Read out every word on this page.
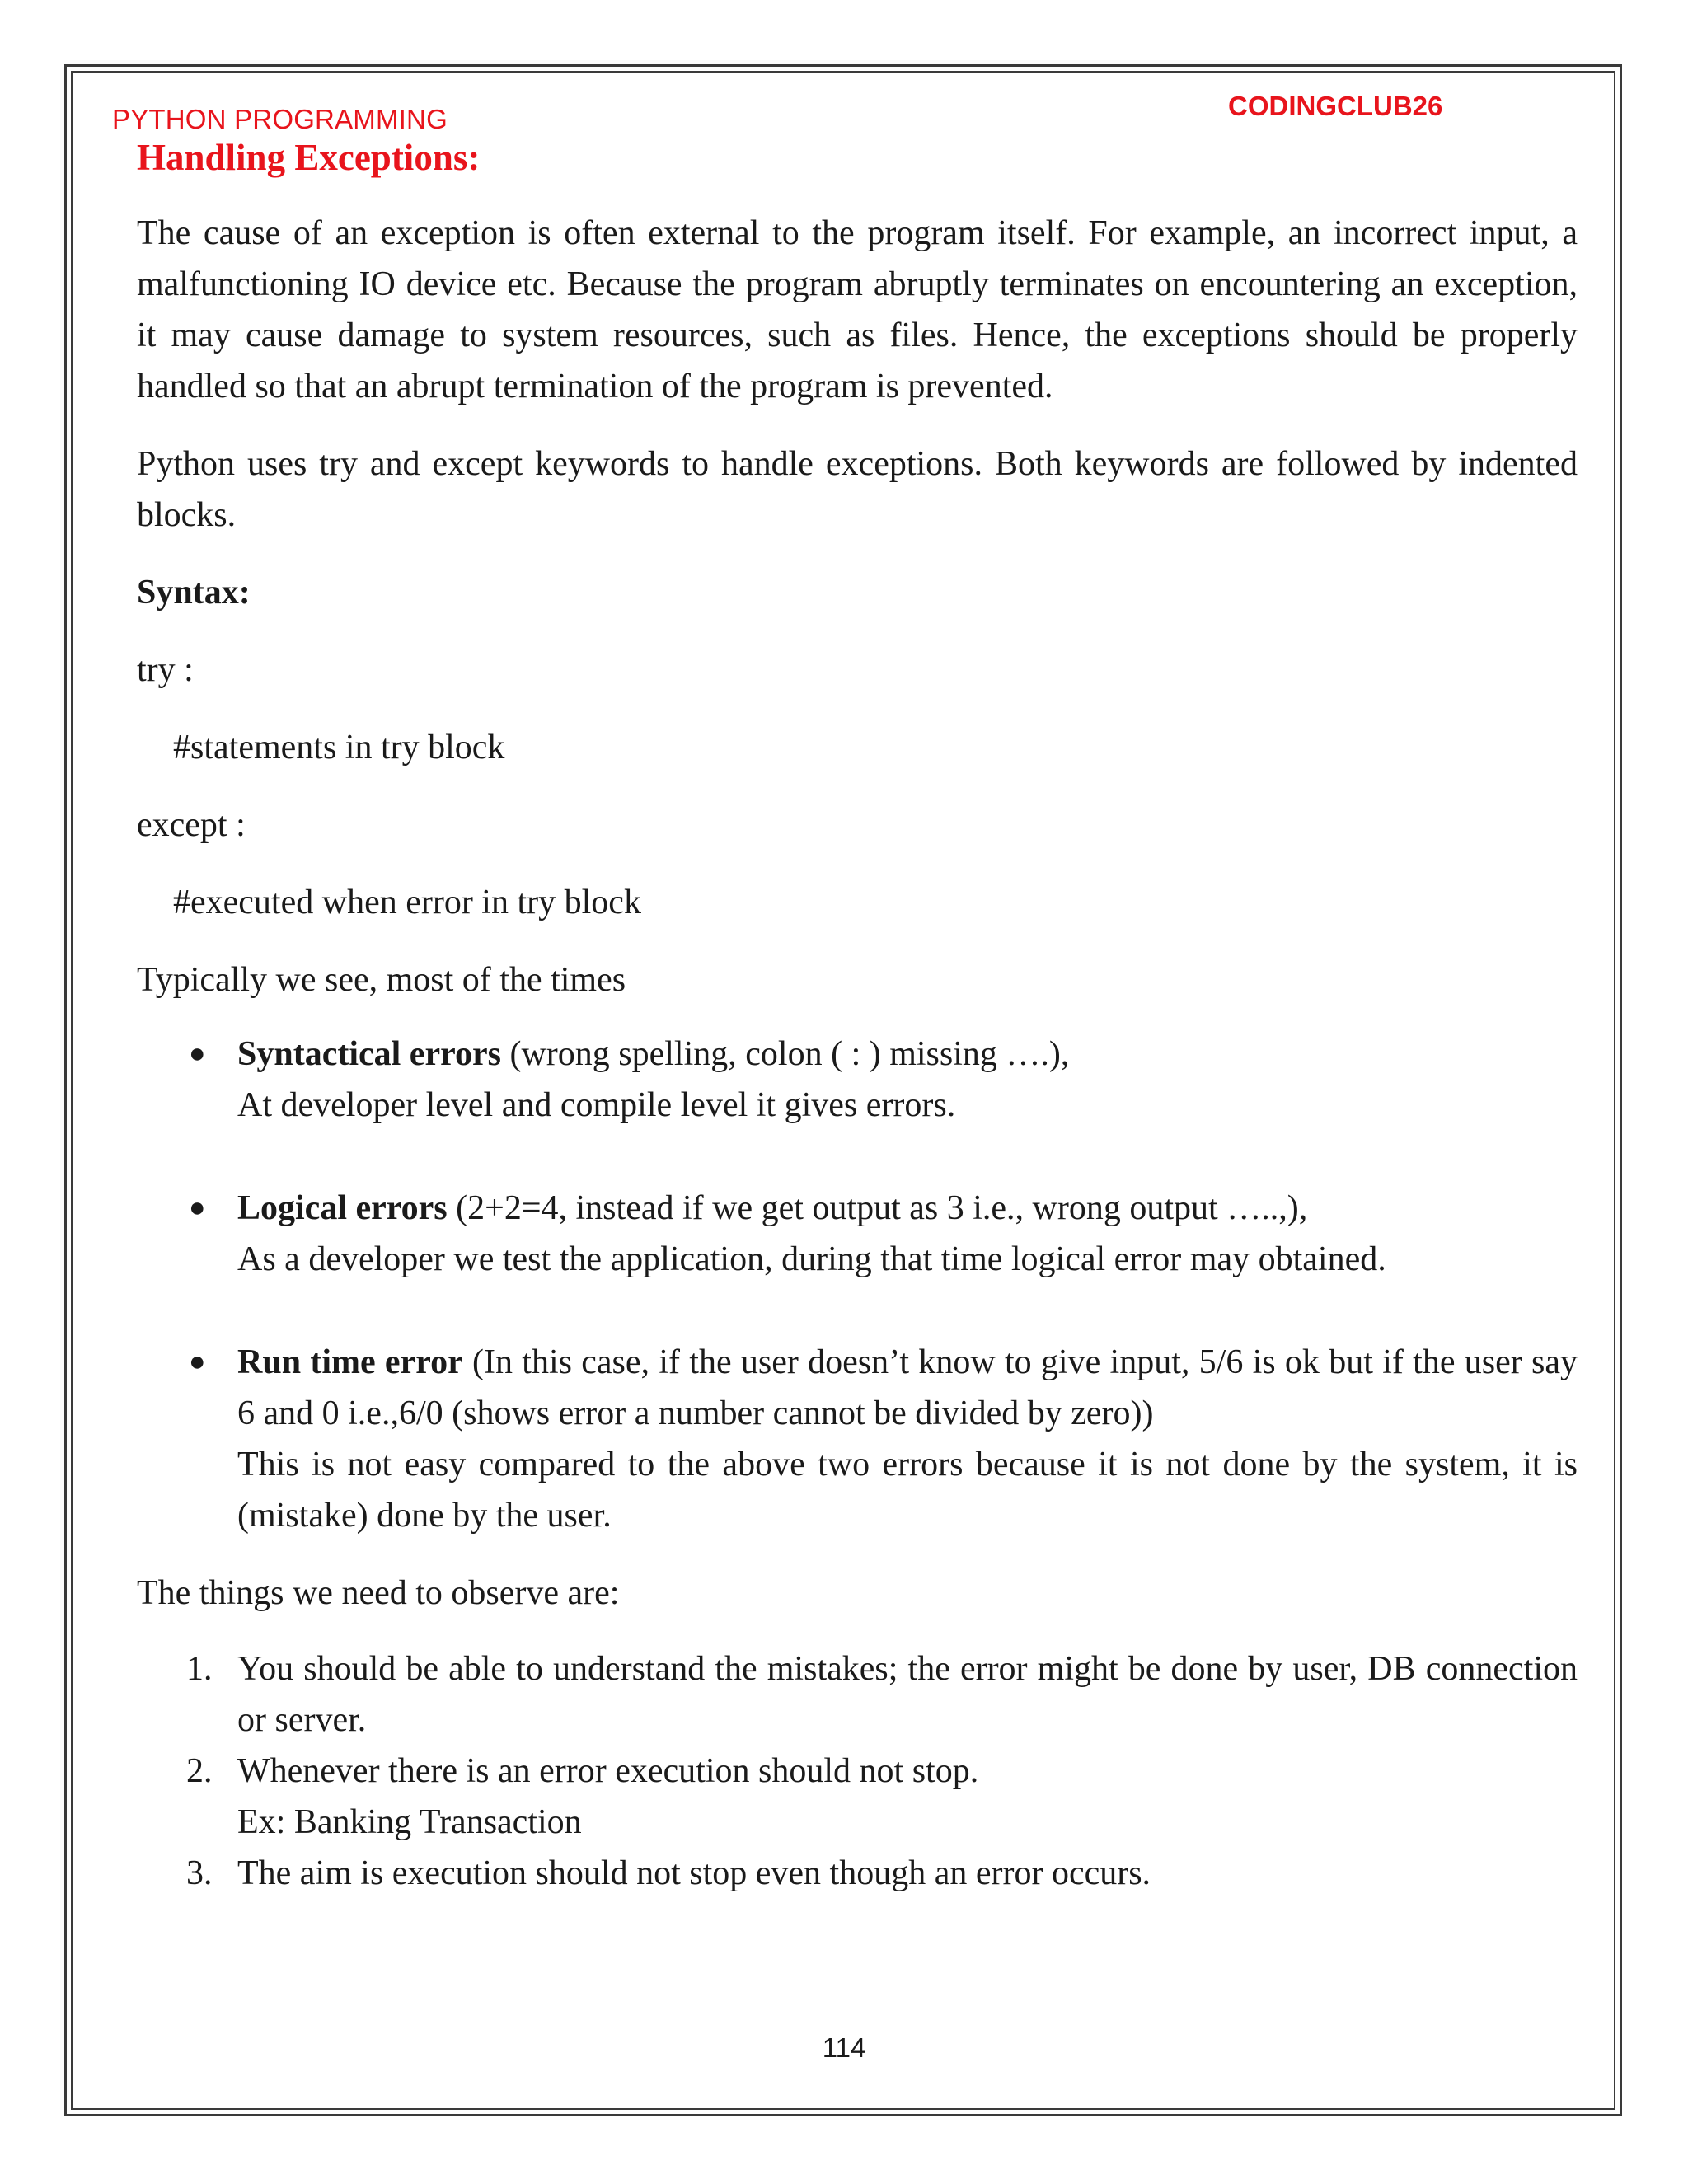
PYTHON PROGRAMMING	CODINGCLUB26
Handling Exceptions:

The cause of an exception is often external to the program itself. For example, an incorrect input, a malfunctioning IO device etc. Because the program abruptly terminates on encountering an exception, it may cause damage to system resources, such as files. Hence, the exceptions should be properly handled so that an abrupt termination of the program is prevented.

Python uses try and except keywords to handle exceptions. Both keywords are followed by indented blocks.

Syntax:

try :
#statements in try block
except :
#executed when error in try block
Typically we see, most of the times
● Syntactical errors (wrong spelling, colon ( : ) missing ….),
At developer level and compile level it gives errors.
● Logical errors (2+2=4, instead if we get output as 3 i.e., wrong output …..,),
As a developer we test the application, during that time logical error may obtained.
● Run time error (In this case, if the user doesn’t know to give input, 5/6 is ok but if the user say 6 and 0 i.e.,6/0 (shows error a number cannot be divided by zero))
This is not easy compared to the above two errors because it is not done by the system, it is (mistake) done by the user.
The things we need to observe are:
1. You should be able to understand the mistakes; the error might be done by user, DB connection or server.
2. Whenever there is an error execution should not stop.
Ex: Banking Transaction
3. The aim is execution should not stop even though an error occurs.
114
